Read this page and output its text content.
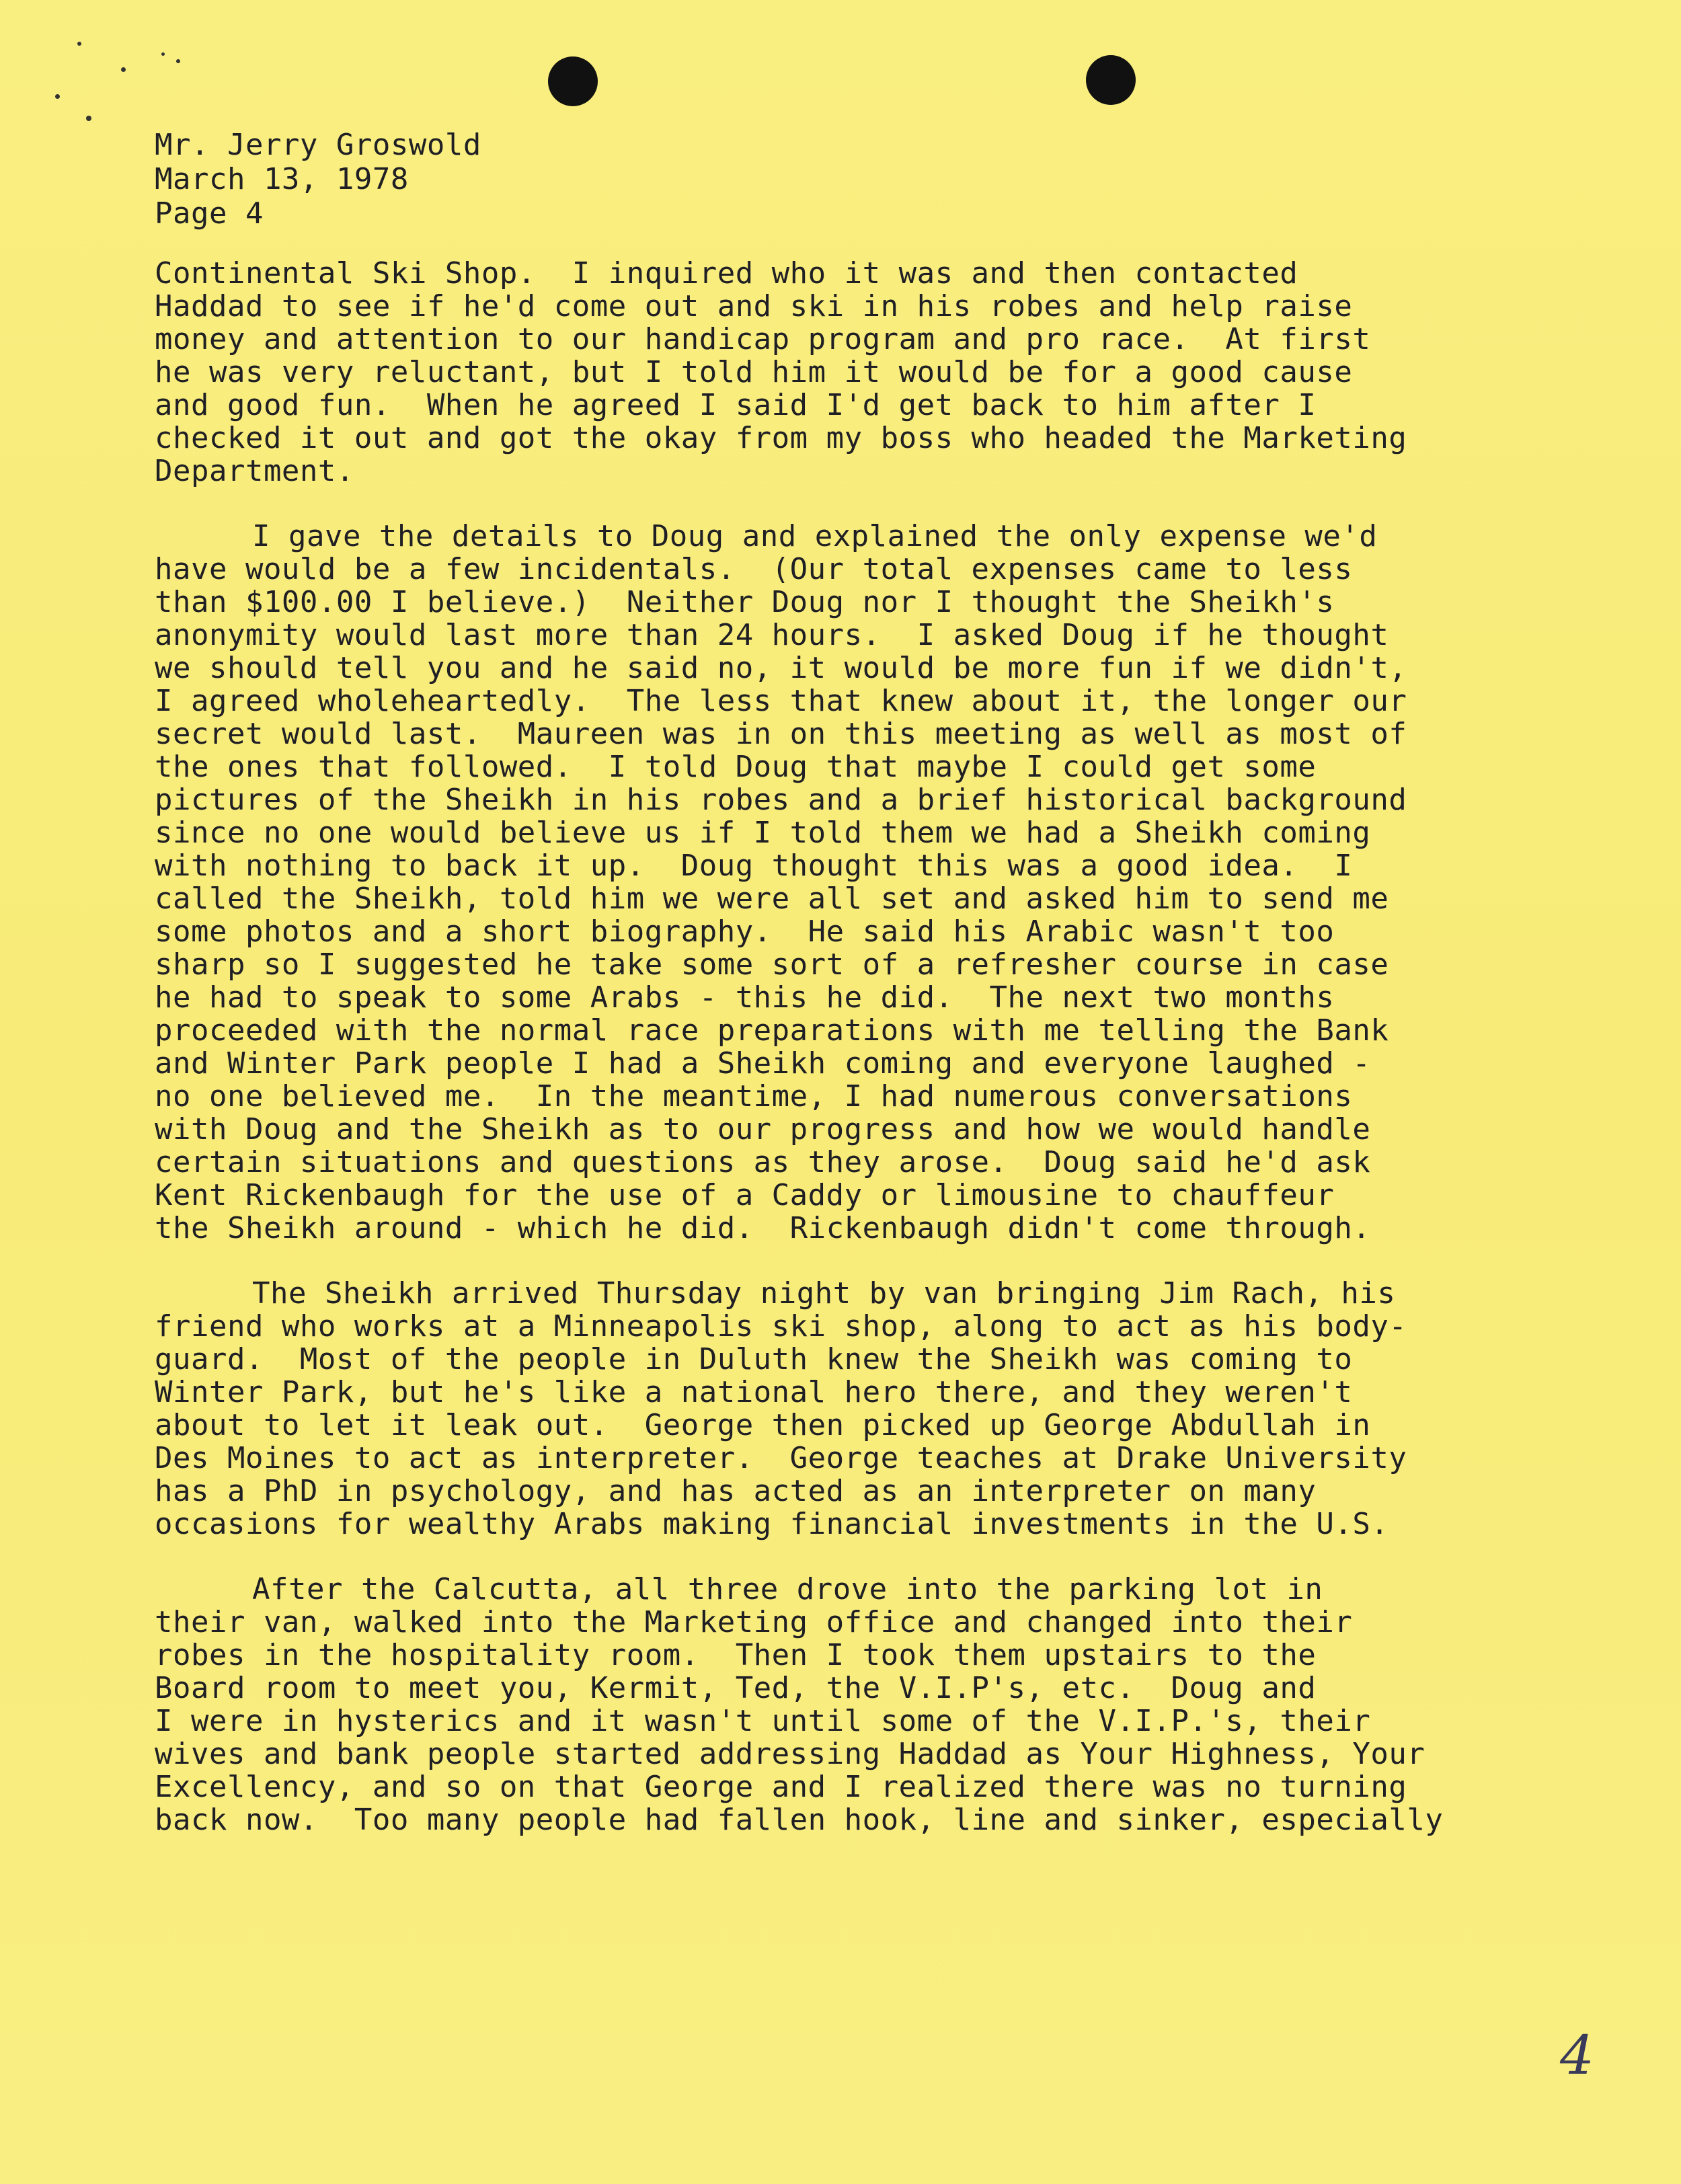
Mr. Jerry Groswold
March 13, 1978
Page 4
Continental Ski Shop.  I inquired who it was and then contacted
Haddad to see if he'd come out and ski in his robes and help raise
money and attention to our handicap program and pro race.  At first
he was very reluctant, but I told him it would be for a good cause
and good fun.  When he agreed I said I'd get back to him after I
checked it out and got the okay from my boss who headed the Marketing
Department.
I gave the details to Doug and explained the only expense we'd
have would be a few incidentals.  (Our total expenses came to less
than $100.00 I believe.)  Neither Doug nor I thought the Sheikh's
anonymity would last more than 24 hours.  I asked Doug if he thought
we should tell you and he said no, it would be more fun if we didn't,
I agreed wholeheartedly.  The less that knew about it, the longer our
secret would last.  Maureen was in on this meeting as well as most of
the ones that followed.  I told Doug that maybe I could get some
pictures of the Sheikh in his robes and a brief historical background
since no one would believe us if I told them we had a Sheikh coming
with nothing to back it up.  Doug thought this was a good idea.  I
called the Sheikh, told him we were all set and asked him to send me
some photos and a short biography.  He said his Arabic wasn't too
sharp so I suggested he take some sort of a refresher course in case
he had to speak to some Arabs - this he did.  The next two months
proceeded with the normal race preparations with me telling the Bank
and Winter Park people I had a Sheikh coming and everyone laughed -
no one believed me.  In the meantime, I had numerous conversations
with Doug and the Sheikh as to our progress and how we would handle
certain situations and questions as they arose.  Doug said he'd ask
Kent Rickenbaugh for the use of a Caddy or limousine to chauffeur
the Sheikh around - which he did.  Rickenbaugh didn't come through.
The Sheikh arrived Thursday night by van bringing Jim Rach, his
friend who works at a Minneapolis ski shop, along to act as his body-
guard.  Most of the people in Duluth knew the Sheikh was coming to
Winter Park, but he's like a national hero there, and they weren't
about to let it leak out.  George then picked up George Abdullah in
Des Moines to act as interpreter.  George teaches at Drake University
has a PhD in psychology, and has acted as an interpreter on many
occasions for wealthy Arabs making financial investments in the U.S.
After the Calcutta, all three drove into the parking lot in
their van, walked into the Marketing office and changed into their
robes in the hospitality room.  Then I took them upstairs to the
Board room to meet you, Kermit, Ted, the V.I.P's, etc.  Doug and
I were in hysterics and it wasn't until some of the V.I.P.'s, their
wives and bank people started addressing Haddad as Your Highness, Your
Excellency, and so on that George and I realized there was no turning
back now.  Too many people had fallen hook, line and sinker, especially
4
